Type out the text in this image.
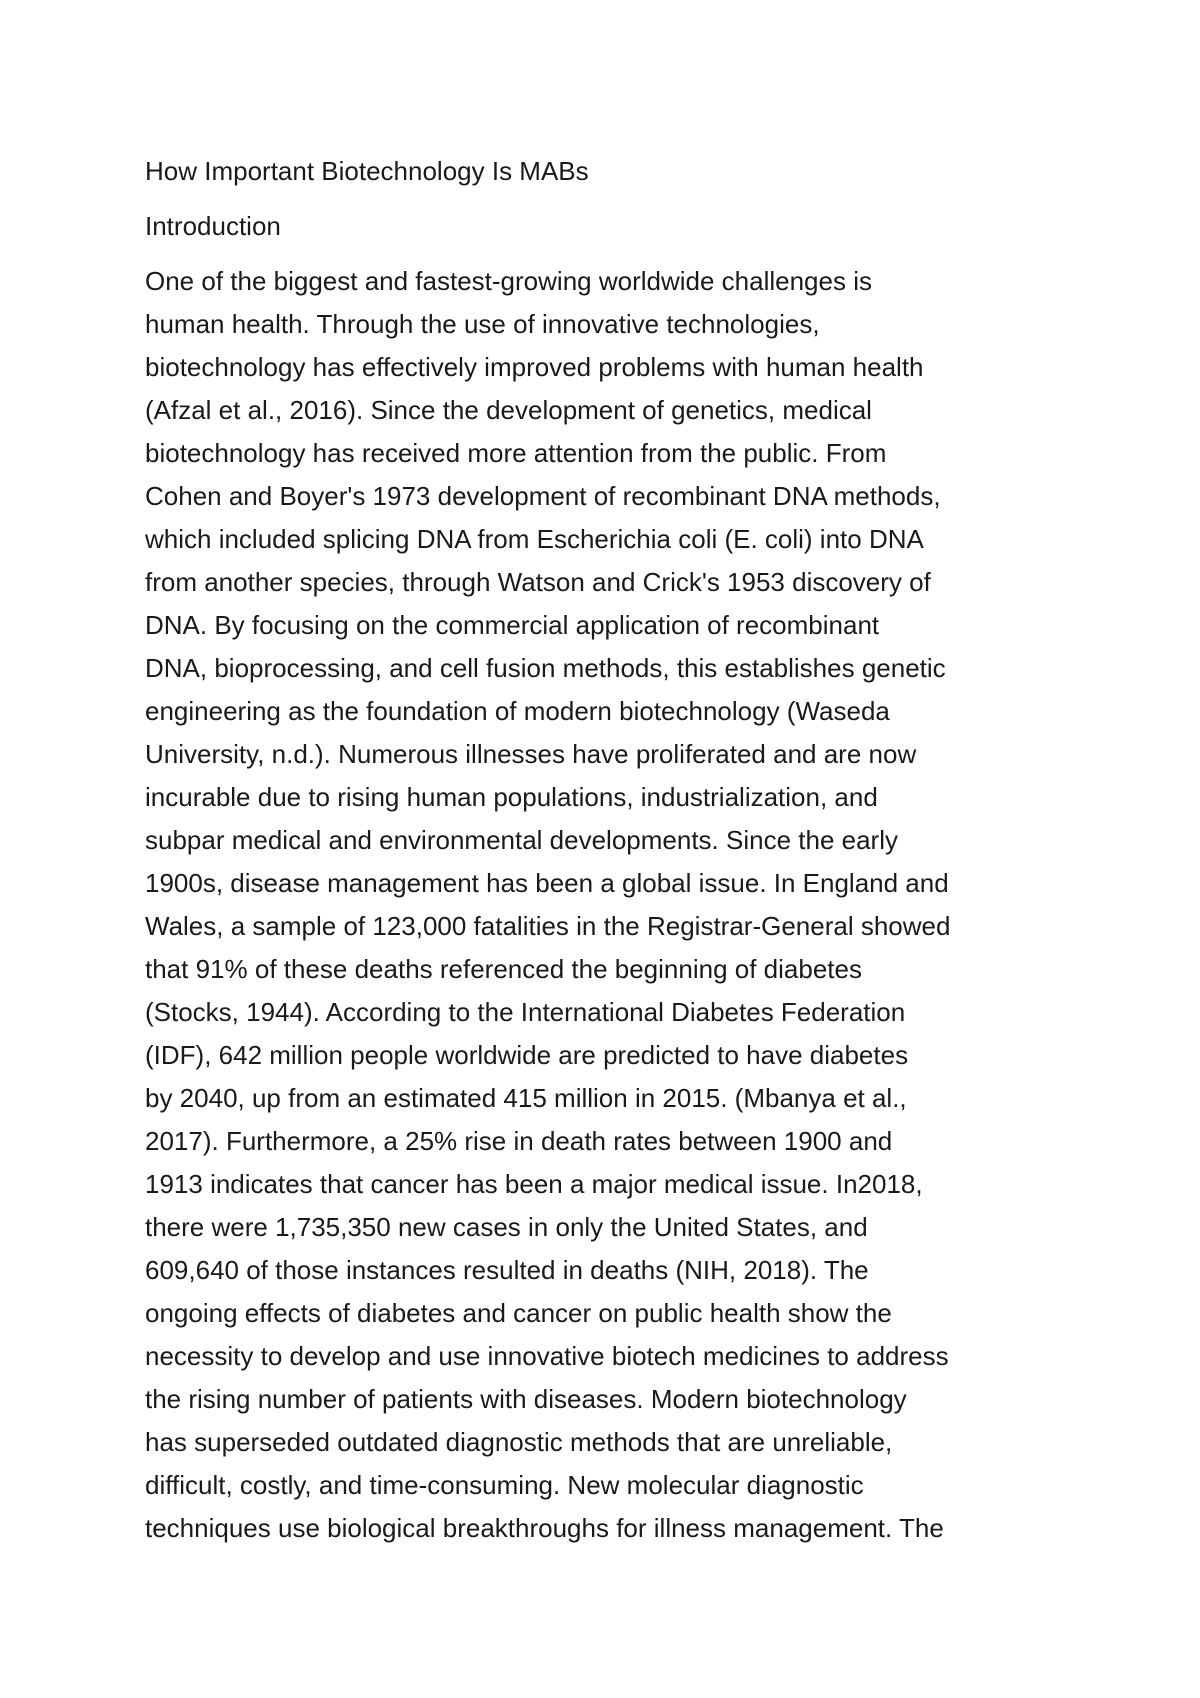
How Important Biotechnology Is MABs
Introduction
One of the biggest and fastest-growing worldwide challenges is
human health. Through the use of innovative technologies,
biotechnology has effectively improved problems with human health
(Afzal et al., 2016). Since the development of genetics, medical
biotechnology has received more attention from the public. From
Cohen and Boyer's 1973 development of recombinant DNA methods,
which included splicing DNA from Escherichia coli (E. coli) into DNA
from another species, through Watson and Crick's 1953 discovery of
DNA. By focusing on the commercial application of recombinant
DNA, bioprocessing, and cell fusion methods, this establishes genetic
engineering as the foundation of modern biotechnology (Waseda
University, n.d.). Numerous illnesses have proliferated and are now
incurable due to rising human populations, industrialization, and
subpar medical and environmental developments. Since the early
1900s, disease management has been a global issue. In England and
Wales, a sample of 123,000 fatalities in the Registrar-General showed
that 91% of these deaths referenced the beginning of diabetes
(Stocks, 1944). According to the International Diabetes Federation
(IDF), 642 million people worldwide are predicted to have diabetes
by 2040, up from an estimated 415 million in 2015. (Mbanya et al.,
2017). Furthermore, a 25% rise in death rates between 1900 and
1913 indicates that cancer has been a major medical issue. In2018,
there were 1,735,350 new cases in only the United States, and
609,640 of those instances resulted in deaths (NIH, 2018). The
ongoing effects of diabetes and cancer on public health show the
necessity to develop and use innovative biotech medicines to address
the rising number of patients with diseases. Modern biotechnology
has superseded outdated diagnostic methods that are unreliable,
difficult, costly, and time-consuming. New molecular diagnostic
techniques use biological breakthroughs for illness management. The
